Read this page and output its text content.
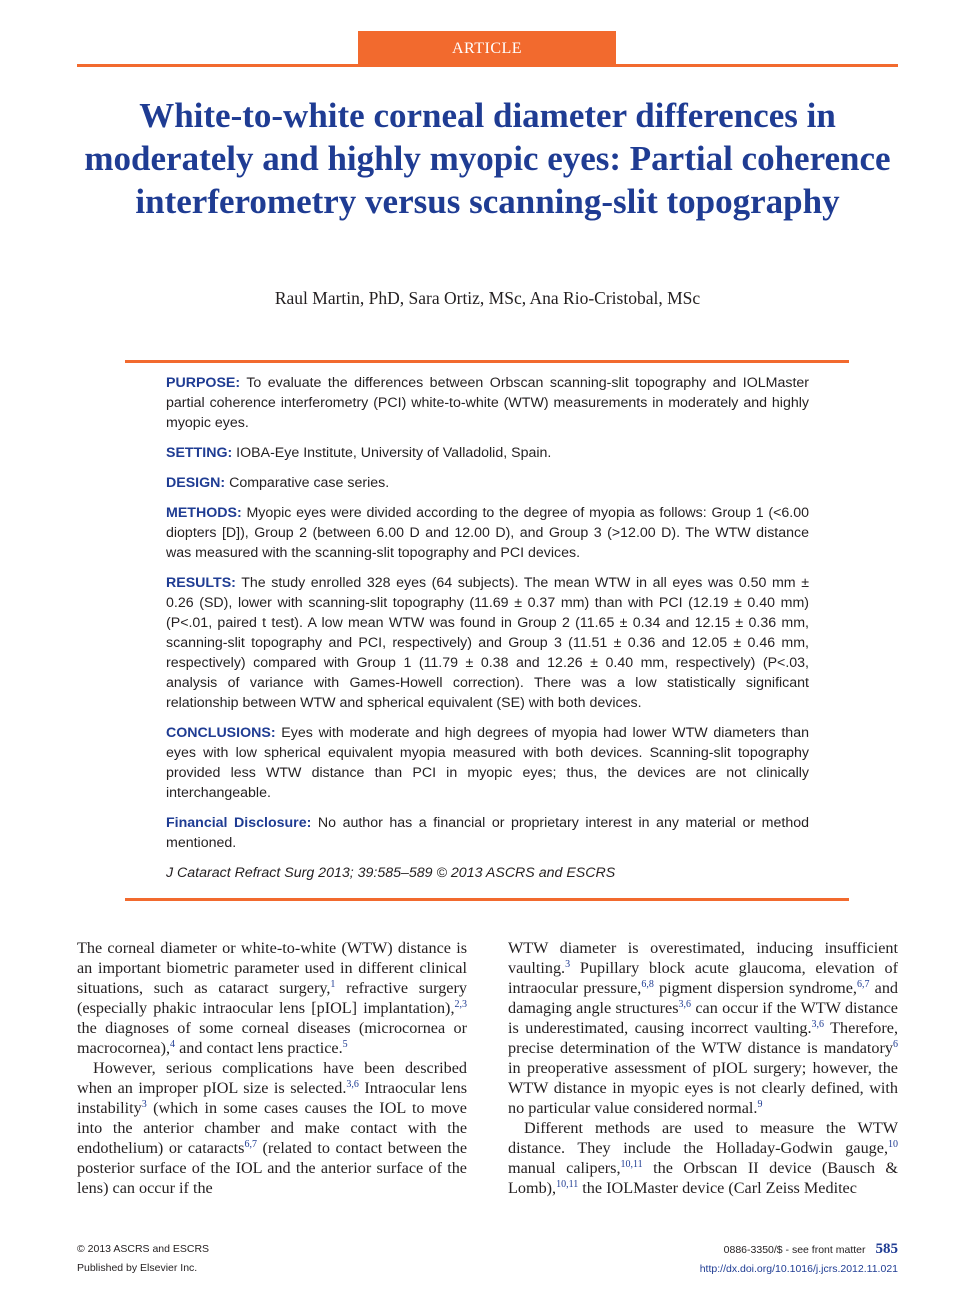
ARTICLE
White-to-white corneal diameter differences in moderately and highly myopic eyes: Partial coherence interferometry versus scanning-slit topography
Raul Martin, PhD, Sara Ortiz, MSc, Ana Rio-Cristobal, MSc

PURPOSE: To evaluate the differences between Orbscan scanning-slit topography and IOLMaster partial coherence interferometry (PCI) white-to-white (WTW) measurements in moderately and highly myopic eyes.

SETTING: IOBA-Eye Institute, University of Valladolid, Spain.

DESIGN: Comparative case series.

METHODS: Myopic eyes were divided according to the degree of myopia as follows: Group 1 (<6.00 diopters [D]), Group 2 (between 6.00 D and 12.00 D), and Group 3 (>12.00 D). The WTW distance was measured with the scanning-slit topography and PCI devices.

RESULTS: The study enrolled 328 eyes (64 subjects). The mean WTW in all eyes was 0.50 mm ± 0.26 (SD), lower with scanning-slit topography (11.69 ± 0.37 mm) than with PCI (12.19 ± 0.40 mm) (P<.01, paired t test). A low mean WTW was found in Group 2 (11.65 ± 0.34 and 12.15 ± 0.36 mm, scanning-slit topography and PCI, respectively) and Group 3 (11.51 ± 0.36 and 12.05 ± 0.46 mm, respectively) compared with Group 1 (11.79 ± 0.38 and 12.26 ± 0.40 mm, respectively) (P<.03, analysis of variance with Games-Howell correction). There was a low statistically significant relationship between WTW and spherical equivalent (SE) with both devices.

CONCLUSIONS: Eyes with moderate and high degrees of myopia had lower WTW diameters than eyes with low spherical equivalent myopia measured with both devices. Scanning-slit topography provided less WTW distance than PCI in myopic eyes; thus, the devices are not clinically interchangeable.

Financial Disclosure: No author has a financial or proprietary interest in any material or method mentioned.

J Cataract Refract Surg 2013; 39:585–589 © 2013 ASCRS and ESCRS

The corneal diameter or white-to-white (WTW) distance is an important biometric parameter used in different clinical situations, such as cataract surgery,$^1$ refractive surgery (especially phakic intraocular lens [pIOL] implantation),$^{2,3}$ the diagnoses of some corneal diseases (microcornea or macrocornea),$^4$ and contact lens practice.$^5$

However, serious complications have been described when an improper pIOL size is selected.$^{3,6}$ Intraocular lens instability$^3$ (which in some cases causes the IOL to move into the anterior chamber and make contact with the endothelium) or cataracts$^{6,7}$ (related to contact between the posterior surface of the IOL and the anterior surface of the lens) can occur if the

WTW diameter is overestimated, inducing insufficient vaulting.$^3$ Pupillary block acute glaucoma, elevation of intraocular pressure,$^{6,8}$ pigment dispersion syndrome,$^{6,7}$ and damaging angle structures$^{3,6}$ can occur if the WTW distance is underestimated, causing incorrect vaulting.$^{3,6}$ Therefore, precise determination of the WTW distance is mandatory$^6$ in preoperative assessment of pIOL surgery; however, the WTW distance in myopic eyes is not clearly defined, with no particular value considered normal.$^9$

Different methods are used to measure the WTW distance. They include the Holladay-Godwin gauge,$^{10}$ manual calipers,$^{10,11}$ the Orbscan II device (Bausch & Lomb),$^{10,11}$ the IOLMaster device (Carl Zeiss Meditec

© 2013 ASCRS and ESCRS
Published by Elsevier Inc.
0886-3350/$ - see front matter 585
http://dx.doi.org/10.1016/j.jcrs.2012.11.021
